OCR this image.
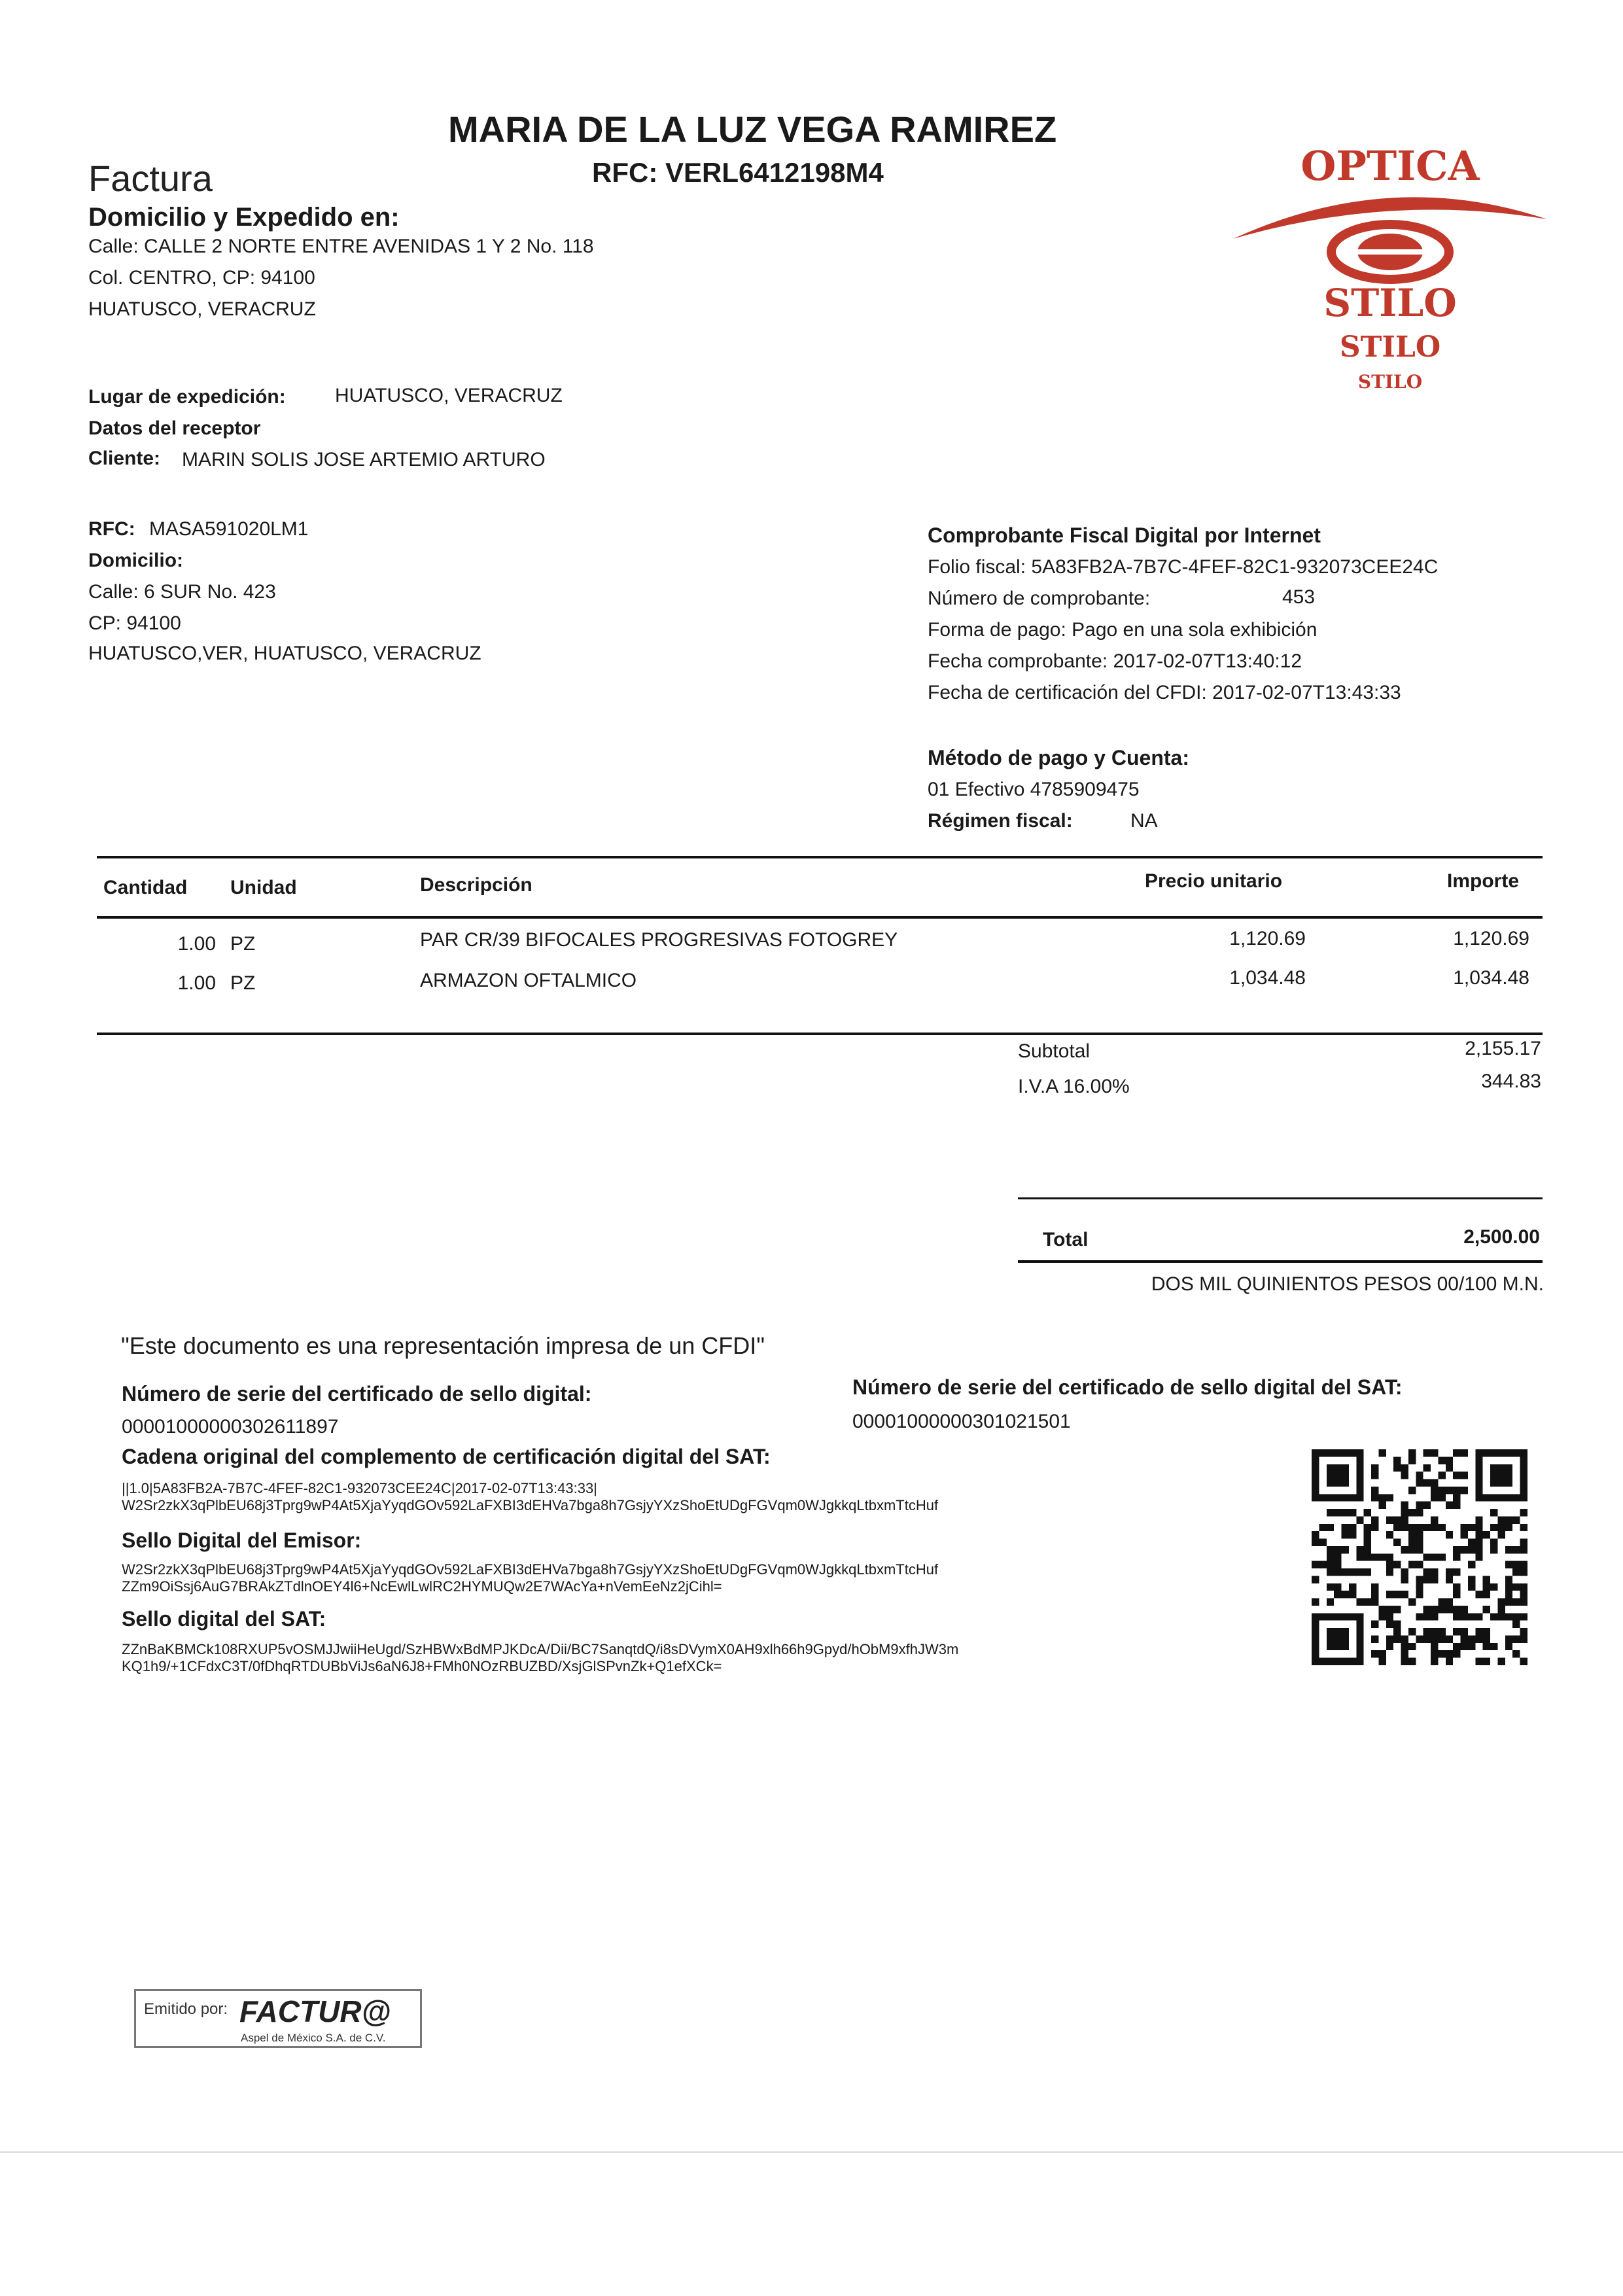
MARIA DE LA LUZ VEGA RAMIREZ
RFC: VERL6412198M4
Factura	OPTICA
STILO
STILO
STILO
Domicilio y Expedido en:
Calle: CALLE 2 NORTE ENTRE AVENIDAS 1 Y 2 No. 118
Col. CENTRO, CP: 94100
HUATUSCO, VERACRUZ
Lugar de expedición:	HUATUSCO, VERACRUZ
Datos del receptor
Cliente: MARIN SOLIS JOSE ARTEMIO ARTURO
RFC: MASA591020LM1
Domicilio:
Calle: 6 SUR No. 423
CP: 94100
HUATUSCO,VER, HUATUSCO, VERACRUZ
Comprobante Fiscal Digital por Internet
Folio fiscal: 5A83FB2A-7B7C-4FEF-82C1-932073CEE24C
Número de comprobante:	453
Forma de pago: Pago en una sola exhibición
Fecha comprobante: 2017-02-07T13:40:12
Fecha de certificación del CFDI: 2017-02-07T13:43:33
Método de pago y Cuenta:
01 Efectivo 4785909475
Régimen fiscal:	NA
Cantidad Unidad	Descripción	Precio unitario	Importe
1.00 PZ	PAR CR/39 BIFOCALES PROGRESIVAS FOTOGREY	1,120.69	1,120.69
1.00 PZ	ARMAZON OFTALMICO	1,034.48	1,034.48
Subtotal	2,155.17
I.V.A 16.00%	344.83
Total	2,500.00
DOS MIL QUINIENTOS PESOS 00/100 M.N.
"Este documento es una representación impresa de un CFDI"
Número de serie del certificado de sello digital:
00001000000302611897
Número de serie del certificado de sello digital del SAT:
00001000000301021501
Cadena original del complemento de certificación digital del SAT:
||1.0|5A83FB2A-7B7C-4FEF-82C1-932073CEE24C|2017-02-07T13:43:33|
W2Sr2zkX3qPlbEU68j3Tprg9wP4At5XjaYyqdGOv592LaFXBI3dEHVa7bga8h7GsjyYXzShoEtUDgFGVqm0WJgkkqLtbxmTtcHuf
Sello Digital del Emisor:
W2Sr2zkX3qPlbEU68j3Tprg9wP4At5XjaYyqdGOv592LaFXBI3dEHVa7bga8h7GsjyYXzShoEtUDgFGVqm0WJgkkqLtbxmTtcHuf
ZZm9OiSsj6AuG7BRAkZTdlnOEY4l6+NcEwlLwlRC2HYMUQw2E7WAcYa+nVemEeNz2jCihl=
Sello digital del SAT:
ZZnBaKBMCk108RXUP5vOSMJJwiiHeUgd/SzHBWxBdMPJKDcA/Dii/BC7SanqtdQ/i8sDVymX0AH9xlh66h9Gpyd/hObM9xfhJW3m
KQ1h9/+1CFdxC3T/0fDhqRTDUBbViJs6aN6J8+FMh0NOzRBUZBD/XsjGlSPvnZk+Q1efXCk=
Emitido por: FACTUR@
Aspel de México S.A. de C.V.
